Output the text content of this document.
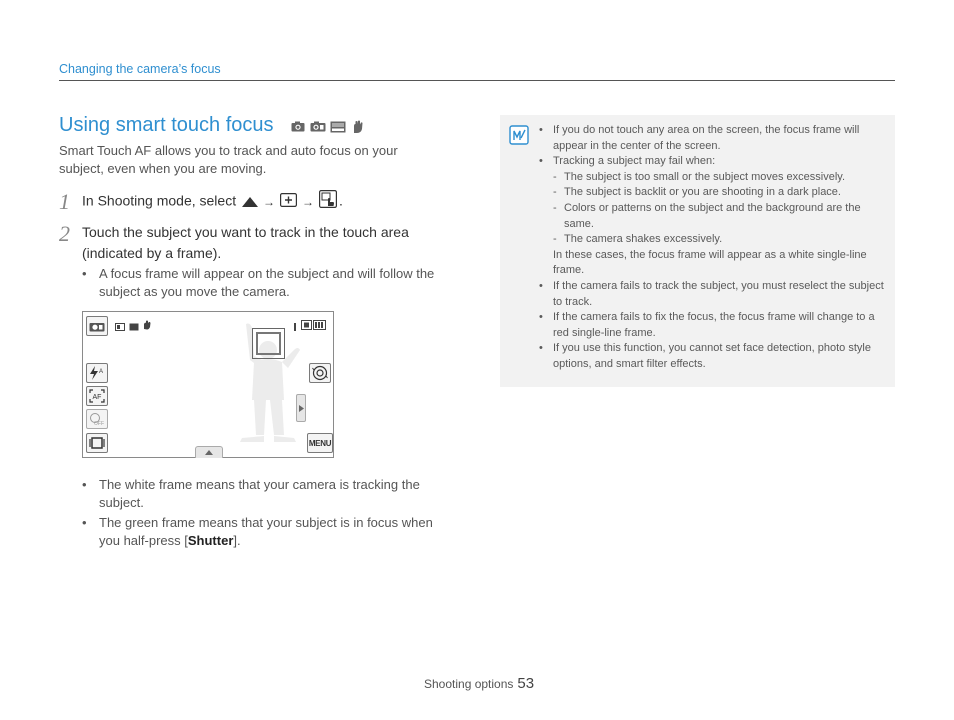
Changing the camera’s focus
Using smart touch focus
Smart Touch AF allows you to track and auto focus on your subject, even when you are moving.
1 In Shooting mode, select → → .
2 Touch the subject you want to track in the touch area (indicated by a frame).
• A focus frame will appear on the subject and will follow the subject as you move the camera.
A
AF
OFF
MENU
• The white frame means that your camera is tracking the subject.
• The green frame means that your subject is in focus when you half-press [Shutter].
• If you do not touch any area on the screen, the focus frame will appear in the center of the screen.
• Tracking a subject may fail when:
- The subject is too small or the subject moves excessively.
- The subject is backlit or you are shooting in a dark place.
- Colors or patterns on the subject and the background are the same.
- The camera shakes excessively.
In these cases, the focus frame will appear as a white single-line frame.
• If the camera fails to track the subject, you must reselect the subject to track.
• If the camera fails to fix the focus, the focus frame will change to a red single-line frame.
• If you use this function, you cannot set face detection, photo style options, and smart filter effects.
Shooting options 53
